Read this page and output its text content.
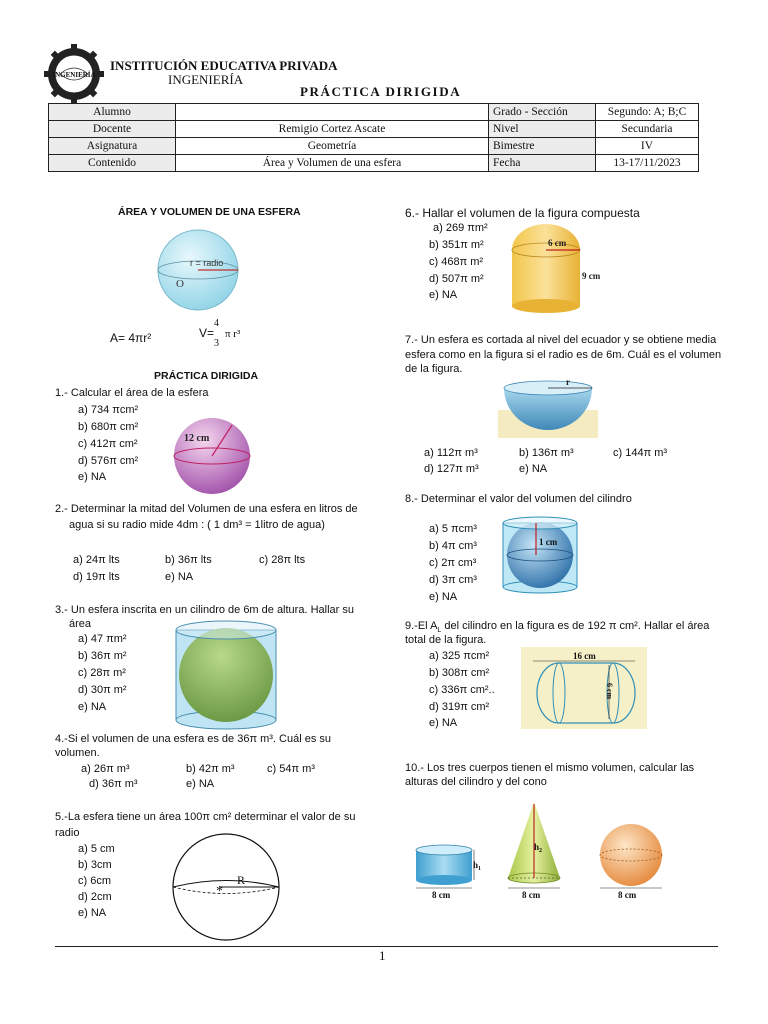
INGENIERÍA
INSTITUCIÓN EDUCATIVA PRIVADA
INGENIERÍA
PRÁCTICA DIRIGIDA
Alumno		Grado - Sección	Segundo: A; B;C
Docente	Remigio Cortez Ascate	Nivel	Secundaria
Asignatura	Geometría	Bimestre	IV
Contenido	Área y Volumen de una esfera	Fecha	13-17/11/2023
ÁREA Y VOLUMEN DE UNA ESFERA
r = radio
O
A= 4πr²	V=
4
3
π r³
PRÁCTICA DIRIGIDA
1.- Calcular el área de la esfera
a) 734 πcm²
b) 680π cm²
c) 412π cm²
d) 576π cm²
e) NA
12 cm
2.- Determinar la mitad del Volumen de una esfera en litros de
agua si su radio mide 4dm : ( 1 dm³ = 1litro de agua)
a) 24π lts	b) 36π lts	c) 28π lts
d) 19π lts	e) NA
3.- Un esfera inscrita en un cilindro de 6m de altura. Hallar su
área
a) 47 πm²
b) 36π m²
c) 28π m²
d) 30π m²
e) NA
4.-Si el volumen de una esfera es de 36π m³. Cuál es su
volumen.
a) 26π m³	b) 42π m³	c) 54π m³
d) 36π m³	e) NA
5.-La esfera tiene un área 100π cm² determinar el valor de su
radio
a) 5 cm
b) 3cm
c) 6cm
d) 2cm
e) NA
R
*
6.- Hallar el volumen de la figura compuesta
a) 269 πm²
b) 351π m²
c) 468π m²
d) 507π m²
e) NA
6 cm
9 cm
7.- Un esfera es cortada al nivel del ecuador y se obtiene media
esfera como en la figura si el radio es de 6m. Cuál es el volumen
de la figura.
r
a) 112π m³	b) 136π m³	c) 144π m³
d) 127π m³	e) NA
8.- Determinar el valor del volumen del cilindro
a) 5 πcm³
b) 4π cm³
c) 2π cm³
d) 3π cm³
e) NA
1 cm
9.-El $A_L$ del cilindro en la figura es de 192 π cm². Hallar el área
total de la figura.
a) 325 πcm²
b) 308π cm²
c) 336π cm²..
d) 319π cm²
e) NA
16 cm
6 cm
10.- Los tres cuerpos tienen el mismo volumen, calcular las
alturas del cilindro y del cono
$h_1$
8 cm
$h_2$
8 cm	8 cm
1
